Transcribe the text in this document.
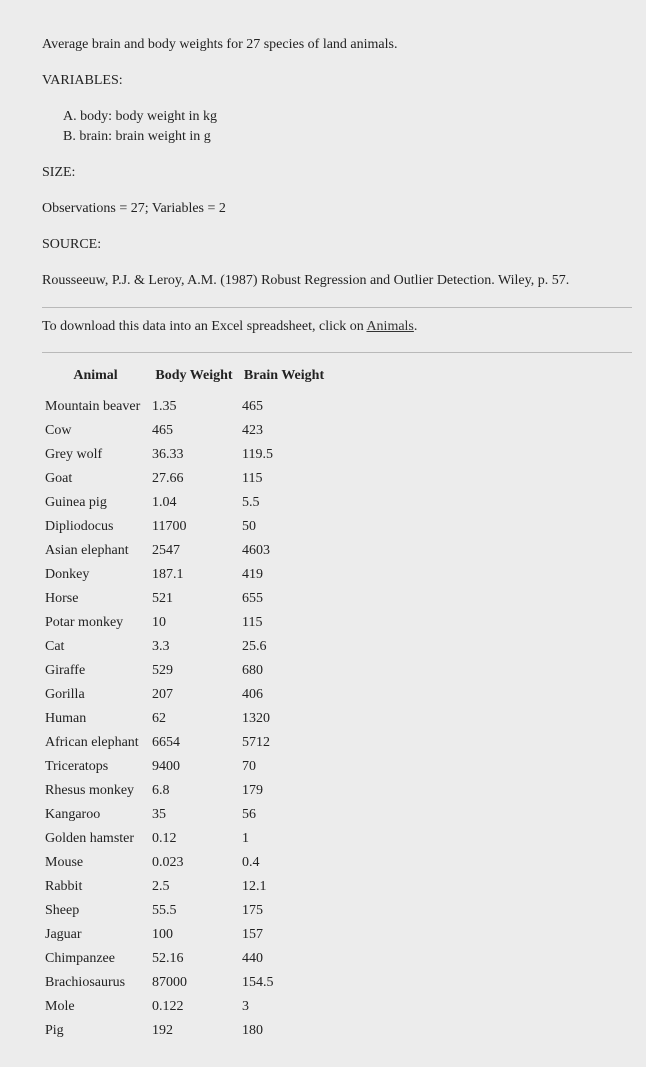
Average brain and body weights for 27 species of land animals.

VARIABLES:

A. body: body weight in kg

B. brain: brain weight in g

SIZE:

Observations = 27; Variables = 2

SOURCE:

Rousseeuw, P.J. & Leroy, A.M. (1987) Robust Regression and Outlier Detection. Wiley, p. 57.

To download this data into an Excel spreadsheet, click on Animals.

Animal	Body Weight	Brain Weight

Mountain beaver	1.35	465
Cow	465	423
Grey wolf	36.33	119.5
Goat	27.66	115
Guinea pig	1.04	5.5
Dipliodocus	11700	50
Asian elephant	2547	4603
Donkey	187.1	419
Horse	521	655
Potar monkey	10	115
Cat	3.3	25.6
Giraffe	529	680
Gorilla	207	406
Human	62	1320
African elephant	6654	5712
Triceratops	9400	70
Rhesus monkey	6.8	179
Kangaroo	35	56
Golden hamster	0.12	1
Mouse	0.023	0.4
Rabbit	2.5	12.1
Sheep	55.5	175
Jaguar	100	157
Chimpanzee	52.16	440
Brachiosaurus	87000	154.5
Mole	0.122	3
Pig	192	180
